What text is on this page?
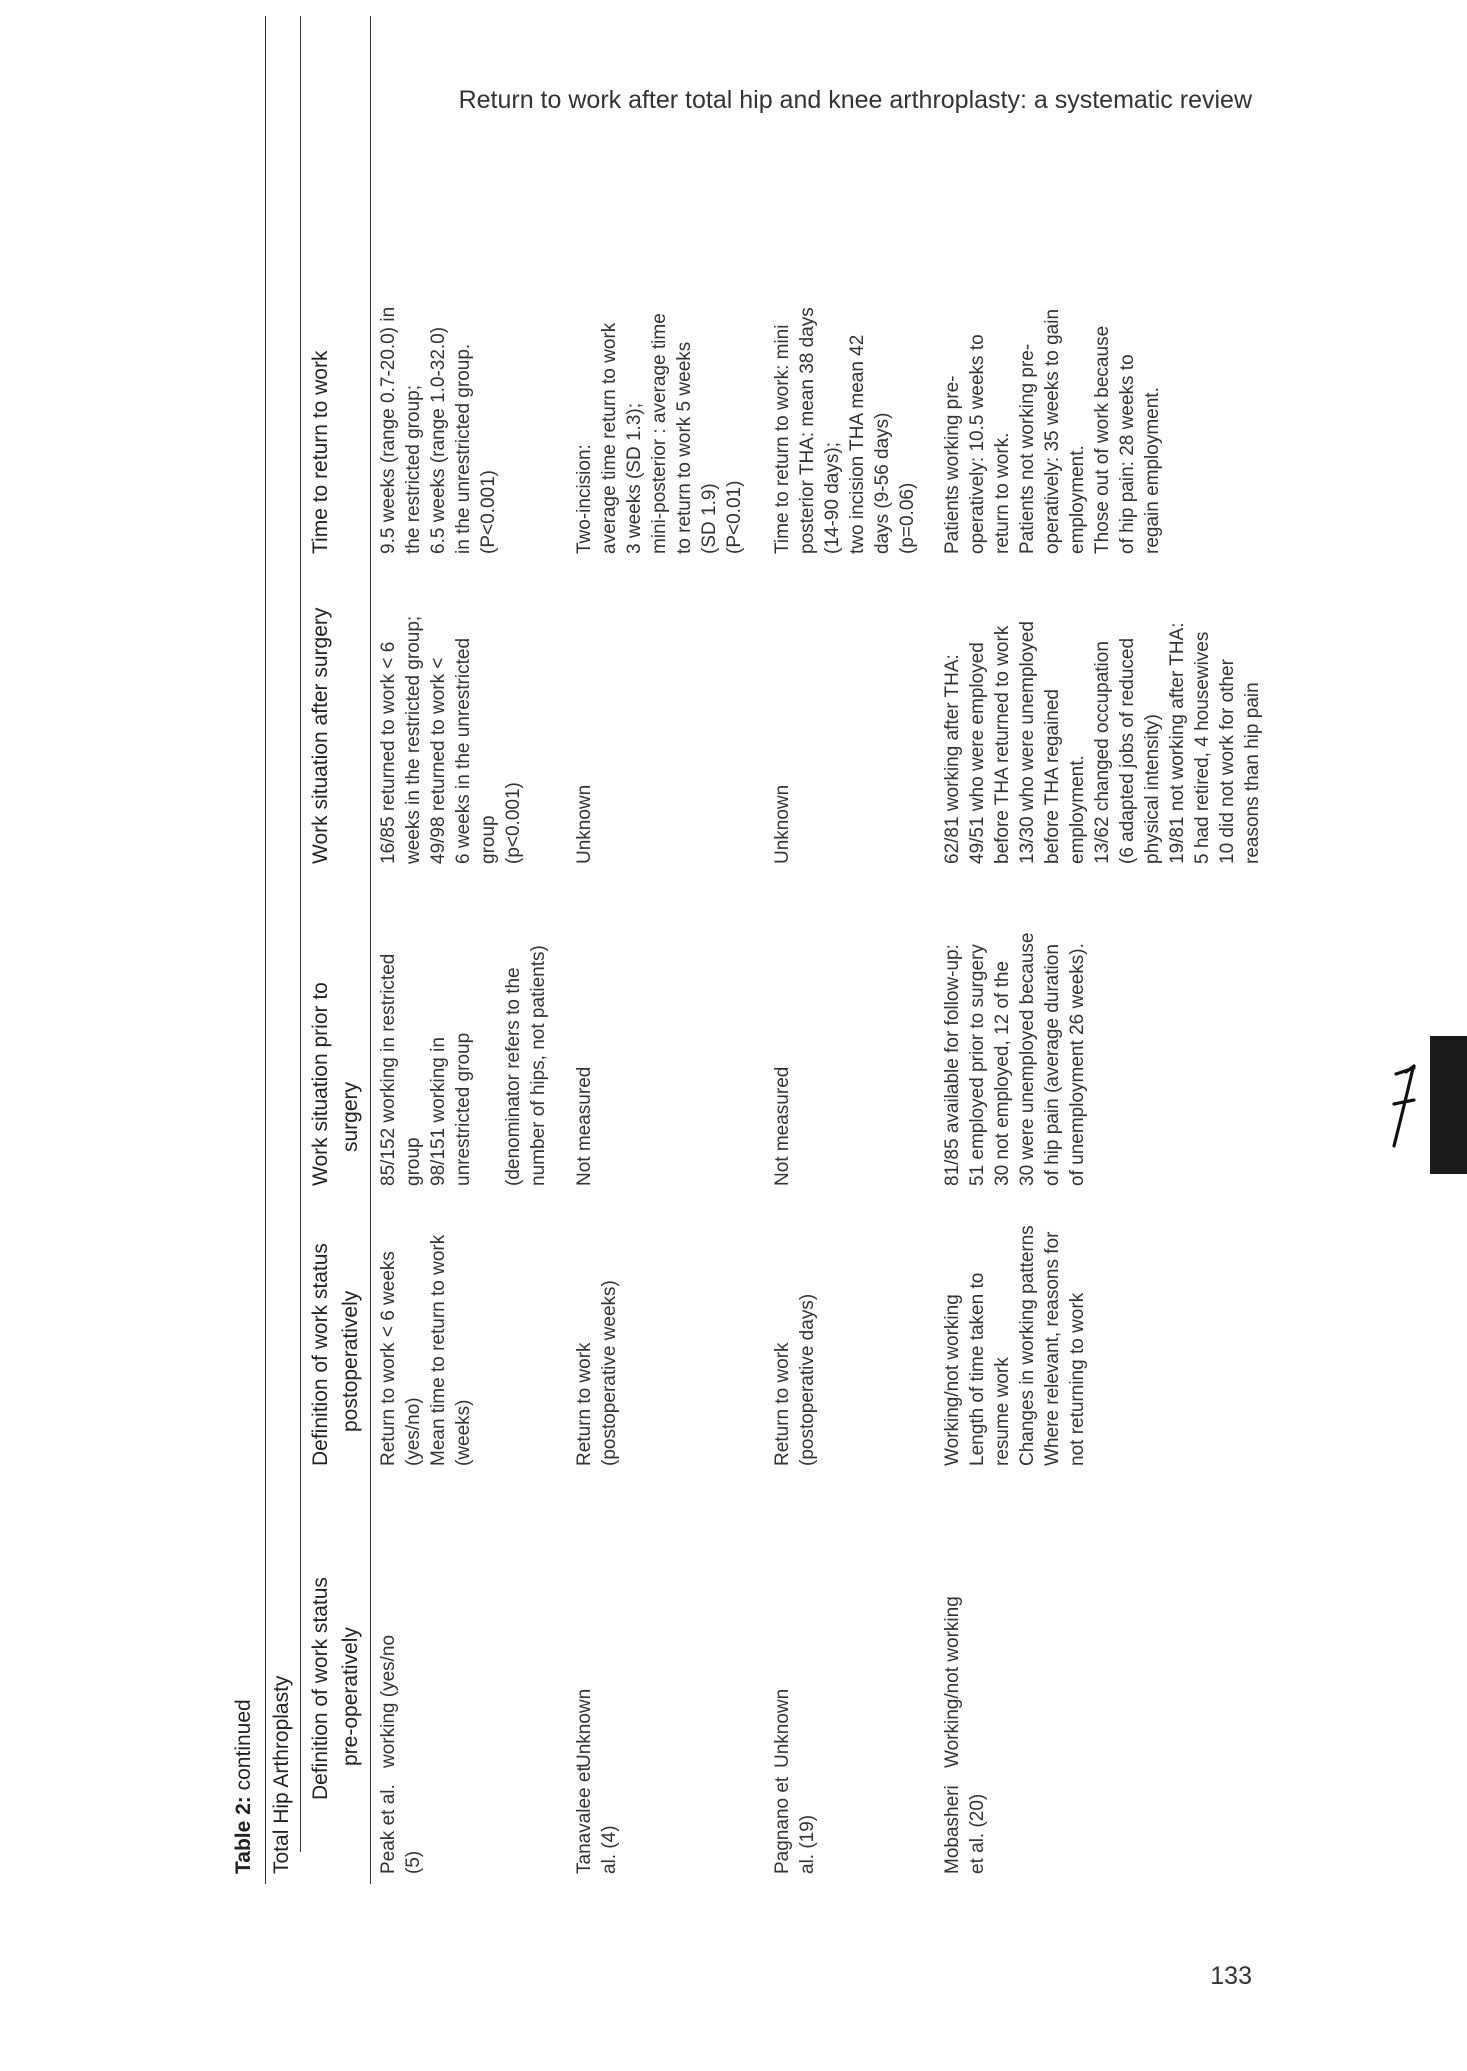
Return to work after total hip and knee arthroplasty: a systematic review
133
Table 2: continued Total Hip Arthroplasty Definition of work status pre-operatively
Definition of work status postoperatively
Work situation prior to surgery
Work situation after surgery
Time to return to work
Peak et al. (5)
working (yes/no
Return to work < 6 weeks (yes/no) Mean time to return to work (weeks)
85/152 working in restricted group 98/151 working in unrestricted group (denominator refers to the number of hips, not patients)
16/85 returned to work < 6 weeks in the restricted group; 49/98 returned to work < 6 weeks in the unrestricted group (p<0.001)
9.5 weeks (range 0.7-20.0) in the restricted group; 6.5 weeks (range 1.0-32.0) in the unrestricted group. (P<0.001)
Tanavalee et al. (4)
Unknown
Return to work (postoperative weeks)
Not measured
Unknown
Two-incision: average time return to work 3 weeks (SD 1.3); mini-posterior : average time to return to work 5 weeks (SD 1.9) (P<0.01)
Pagnano et al. (19)
Unknown
Return to work (postoperative days)
Not measured
Unknown
Time to return to work: mini posterior THA: mean 38 days (14-90 days); two incision THA mean 42 days (9-56 days) (p=0.06)
Mobasheri et al. (20)
Working/not working
Working/not working Length of time taken to resume work Changes in working patterns Where relevant, reasons for not returning to work
81/85 available for follow-up: 51 employed prior to surgery 30 not employed, 12 of the 30 were unemployed because of hip pain (average duration of unemployment 26 weeks).
62/81 working after THA: 49/51 who were employed before THA returned to work 13/30 who were unemployed before THA regained employment. 13/62 changed occupation (6 adapted jobs of reduced physical intensity) 19/81 not working after THA: 5 had retired, 4 housewives 10 did not work for other reasons than hip pain
Patients working pre- operatively: 10.5 weeks to return to work. Patients not working pre- operatively: 35 weeks to gain employment. Those out of work because of hip pain: 28 weeks to regain employment.
